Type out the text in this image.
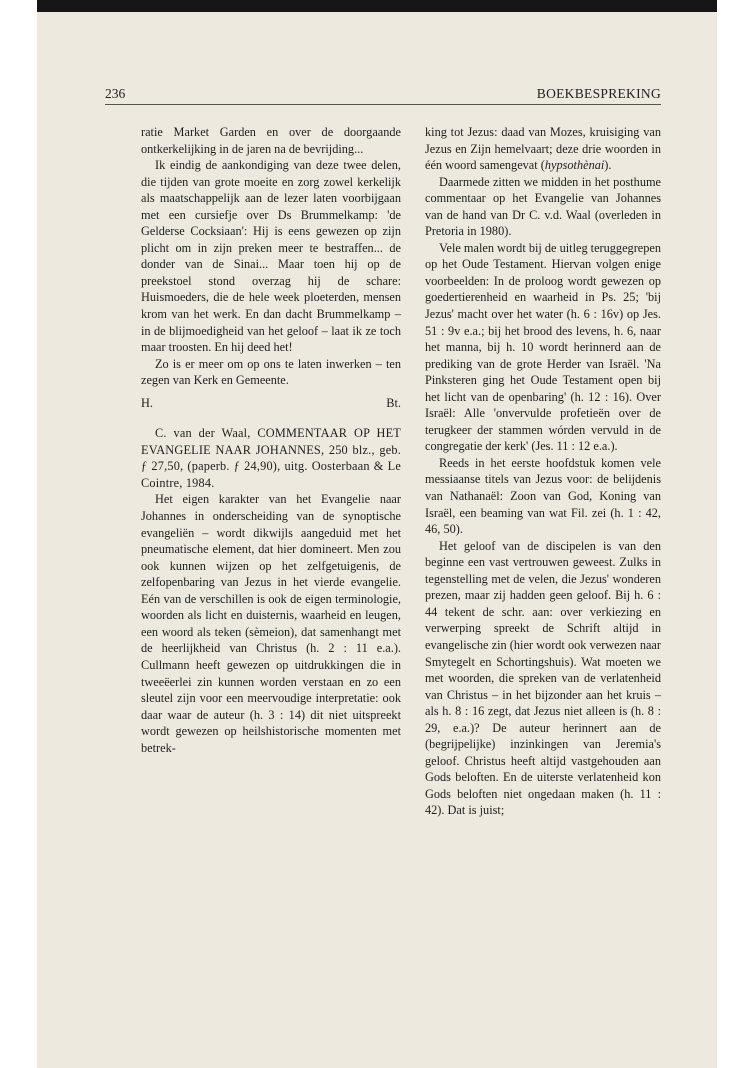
236	BOEKBESPREKING

ratie Market Garden en over de doorgaande ontkerkelijking in de jaren na de bevrijding...

Ik eindig de aankondiging van deze twee delen, die tijden van grote moeite en zorg zowel kerkelijk als maatschappelijk aan de lezer laten voorbijgaan met een cursiefje over Ds Brummelkamp: 'de Gelderse Cocksiaan': Hij is eens gewezen op zijn plicht om in zijn preken meer te bestraffen... de donder van de Sinai... Maar toen hij op de preekstoel stond overzag hij de schare: Huismoeders, die de hele week ploeterden, mensen krom van het werk. En dan dacht Brummelkamp – in de blijmoedigheid van het geloof – laat ik ze toch maar troosten. En hij deed het!

Zo is er meer om op ons te laten inwerken – ten zegen van Kerk en Gemeente.

H.	Bt.

C. van der Waal, COMMENTAAR OP HET EVANGELIE NAAR JOHANNES, 250 blz., geb. ƒ 27,50, (paperb. ƒ 24,90), uitg. Oosterbaan & Le Cointre, 1984.

Het eigen karakter van het Evangelie naar Johannes in onderscheiding van de synoptische evangeliën – wordt dikwijls aangeduid met het pneumatische element, dat hier domineert. Men zou ook kunnen wijzen op het zelfgetuigenis, de zelfopenbaring van Jezus in het vierde evangelie. Eén van de verschillen is ook de eigen terminologie, woorden als licht en duisternis, waarheid en leugen, een woord als teken (sèmeion), dat samenhangt met de heerlijkheid van Christus (h. 2 : 11 e.a.). Cullmann heeft gewezen op uitdrukkingen die in tweeëerlei zin kunnen worden verstaan en zo een sleutel zijn voor een meervoudige interpretatie: ook daar waar de auteur (h. 3 : 14) dit niet uitspreekt wordt gewezen op heilshistorische momenten met betrek-

king tot Jezus: daad van Mozes, kruisiging van Jezus en Zijn hemelvaart; deze drie woorden in één woord samengevat (hypsothènai).

Daarmede zitten we midden in het posthume commentaar op het Evangelie van Johannes van de hand van Dr C. v.d. Waal (overleden in Pretoria in 1980).

Vele malen wordt bij de uitleg teruggegrepen op het Oude Testament. Hiervan volgen enige voorbeelden: In de proloog wordt gewezen op goedertierenheid en waarheid in Ps. 25; 'bij Jezus' macht over het water (h. 6 : 16v) op Jes. 51 : 9v e.a.; bij het brood des levens, h. 6, naar het manna, bij h. 10 wordt herinnerd aan de prediking van de grote Herder van Israël. 'Na Pinksteren ging het Oude Testament open bij het licht van de openbaring' (h. 12 : 16). Over Israël: Alle 'onvervulde profetieën over de terugkeer der stammen wórden vervuld in de congregatie der kerk' (Jes. 11 : 12 e.a.).

Reeds in het eerste hoofdstuk komen vele messiaanse titels van Jezus voor: de belijdenis van Nathanaël: Zoon van God, Koning van Israël, een beaming van wat Fil. zei (h. 1 : 42, 46, 50).

Het geloof van de discipelen is van den beginne een vast vertrouwen geweest. Zulks in tegenstelling met de velen, die Jezus' wonderen prezen, maar zij hadden geen geloof. Bij h. 6 : 44 tekent de schr. aan: over verkiezing en verwerping spreekt de Schrift altijd in evangelische zin (hier wordt ook verwezen naar Smytegelt en Schortingshuis). Wat moeten we met woorden, die spreken van de verlatenheid van Christus – in het bijzonder aan het kruis – als h. 8 : 16 zegt, dat Jezus niet alleen is (h. 8 : 29, e.a.)? De auteur herinnert aan de (begrijpelijke) inzinkingen van Jeremia's geloof. Christus heeft altijd vastgehouden aan Gods beloften. En de uiterste verlatenheid kon Gods beloften niet ongedaan maken (h. 11 : 42). Dat is juist;
